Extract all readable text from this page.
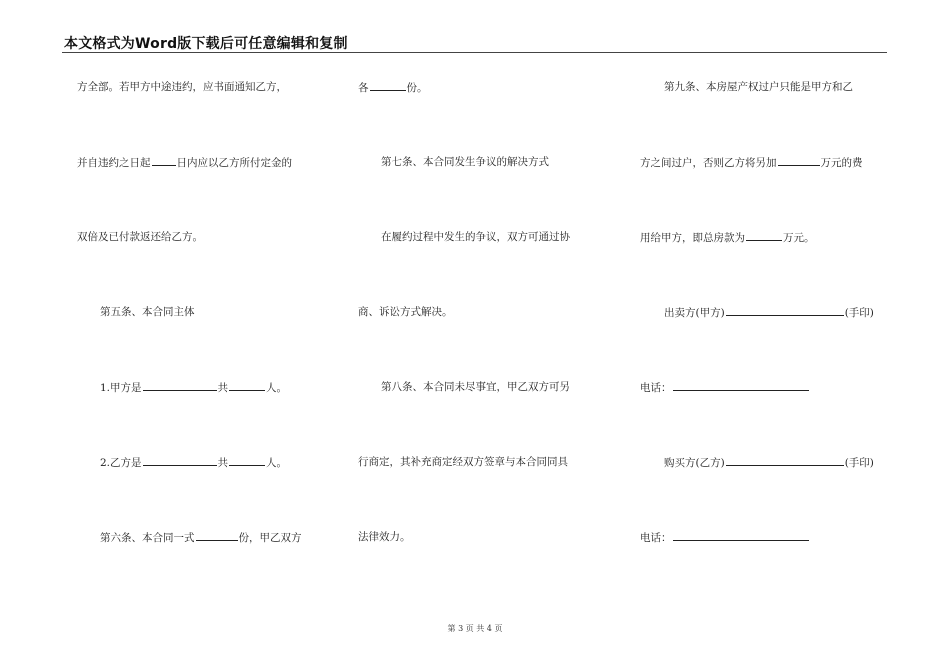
本文格式为Word版下载后可任意编辑和复制
方全部。若甲方中途违约，应书面通知乙方，
并自违约之日起 日内应以乙方所付定金的
双倍及已付款返还给乙方。
第五条、本合同主体
1.甲方是	共	人。
2.乙方是	共	人。
第六条、本合同一式	份，甲乙双方
各	份。
第七条、本合同发生争议的解决方式
在履约过程中发生的争议，双方可通过协
商、诉讼方式解决。
第八条、本合同未尽事宜，甲乙双方可另
行商定，其补充商定经双方签章与本合同同具
法律效力。
第九条、本房屋产权过户只能是甲方和乙
方之间过户，否则乙方将另加	万元的费
用给甲方，即总房款为	万元。
出卖方(甲方)	(手印)
电话：
购买方(乙方)	(手印)
电话：
第 3 页 共 4 页
